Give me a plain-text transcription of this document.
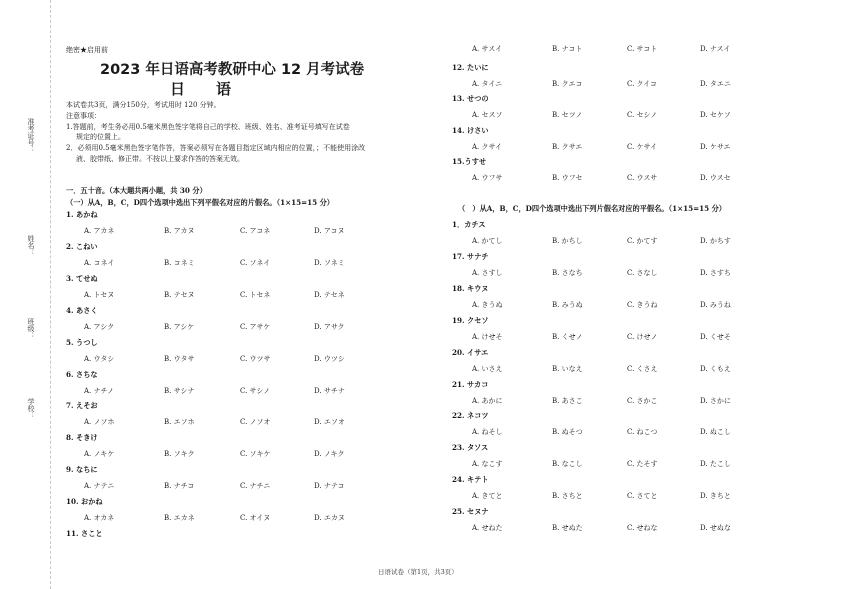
准考证号：
姓名：
班级：
学校：
绝密★启用前
2023 年日语高考教研中心 12 月考试卷
日　语
本试卷共3页，满分150分，考试用时 120 分钟。
注意事项：
1.答题前，考生务必用0.5毫米黑色签字笔将自己的学校、班级、姓名、准考证号填写在试卷
规定的位置上。
2．必须用0.5毫米黑色签字笔作答，答案必须写在各题目指定区域内相应的位置，；不能使用涂改
液、胶带纸、修正带。不按以上要求作答的答案无效。
一．五十音。（本大题共两小题，共 30 分）
（一）从A，B，C，D四个选项中选出下列平假名对应的片假名。（1×15=15 分）
（　）从A，B，C，D四个选项中选出下列片假名对应的平假名。（1×15=15 分）
1. あかね
A. アカネ	B. アカヌ	C. アコネ	D. アコヌ
2. こねい
A. コネイ	B. コネミ	C. ソネイ	D. ソネミ
3. てせぬ
A. トセヌ	B. テセヌ	C. トセネ	D. テセネ
4. あさく
A. アシク	B. アシケ	C. アサケ	D. アサク
5. うつし
A. ウタシ	B. ウタサ	C. ウツサ	D. ウツシ
6. さちな
A. ナチノ	B. サシナ	C. サシノ	D. サチナ
7. えそお
A. ノソホ	B. エソホ	C. ノソオ	D. エソオ
8. そきけ
A. ノキケ	B. ソキク	C. ソキケ	D. ノキク
9. なちに
A. ナテニ	B. ナチコ	C. ナチニ	D. ナテコ
10. おかね
A. オカネ	B. エカネ	C. オイヌ	D. エカヌ
11. さこと
1．カチス
A. かてし	B. かちし	C. かてす	D. かちす
17. サナチ
A. さすし	B. さなち	C. さなし	D. さすち
18. キウヌ
A. きうぬ	B. みうぬ	C. きうね	D. みうね
19. クセソ
A. けせそ	B. くせノ	C. けせノ	D. くせそ
20. イサエ
A. いさえ	B. いなえ	C. くさえ	D. くもえ
21. サカコ
A. あかに	B. あさこ	C. さかこ	D. さかに
22. ネコツ
A. ねそし	B. ぬそつ	C. ねこつ	D. ぬこし
23. タソス
A. なこす	B. なこし	C. たそす	D. たこし
24. キテト
A. きてと	B. さちと	C. さてと	D. きちと
25. セヌナ
A. せねた	B. せぬた	C. せねな	D. せぬな
A. サスイ	B. ナコト	C. サコト	D. ナスイ
12. たいに
A. タイニ	B. クエコ	C. クイコ	D. タエニ
13. せつの
A. セスソ	B. セツノ	C. セシノ	D. セケソ
14. けさい
A. クサイ	B. クサエ	C. ケサイ	D. ケサエ
15.うすせ
A. ウフサ	B. ウフセ	C. ウスサ	D. ウスセ
日语试卷（第1页，共3页）
